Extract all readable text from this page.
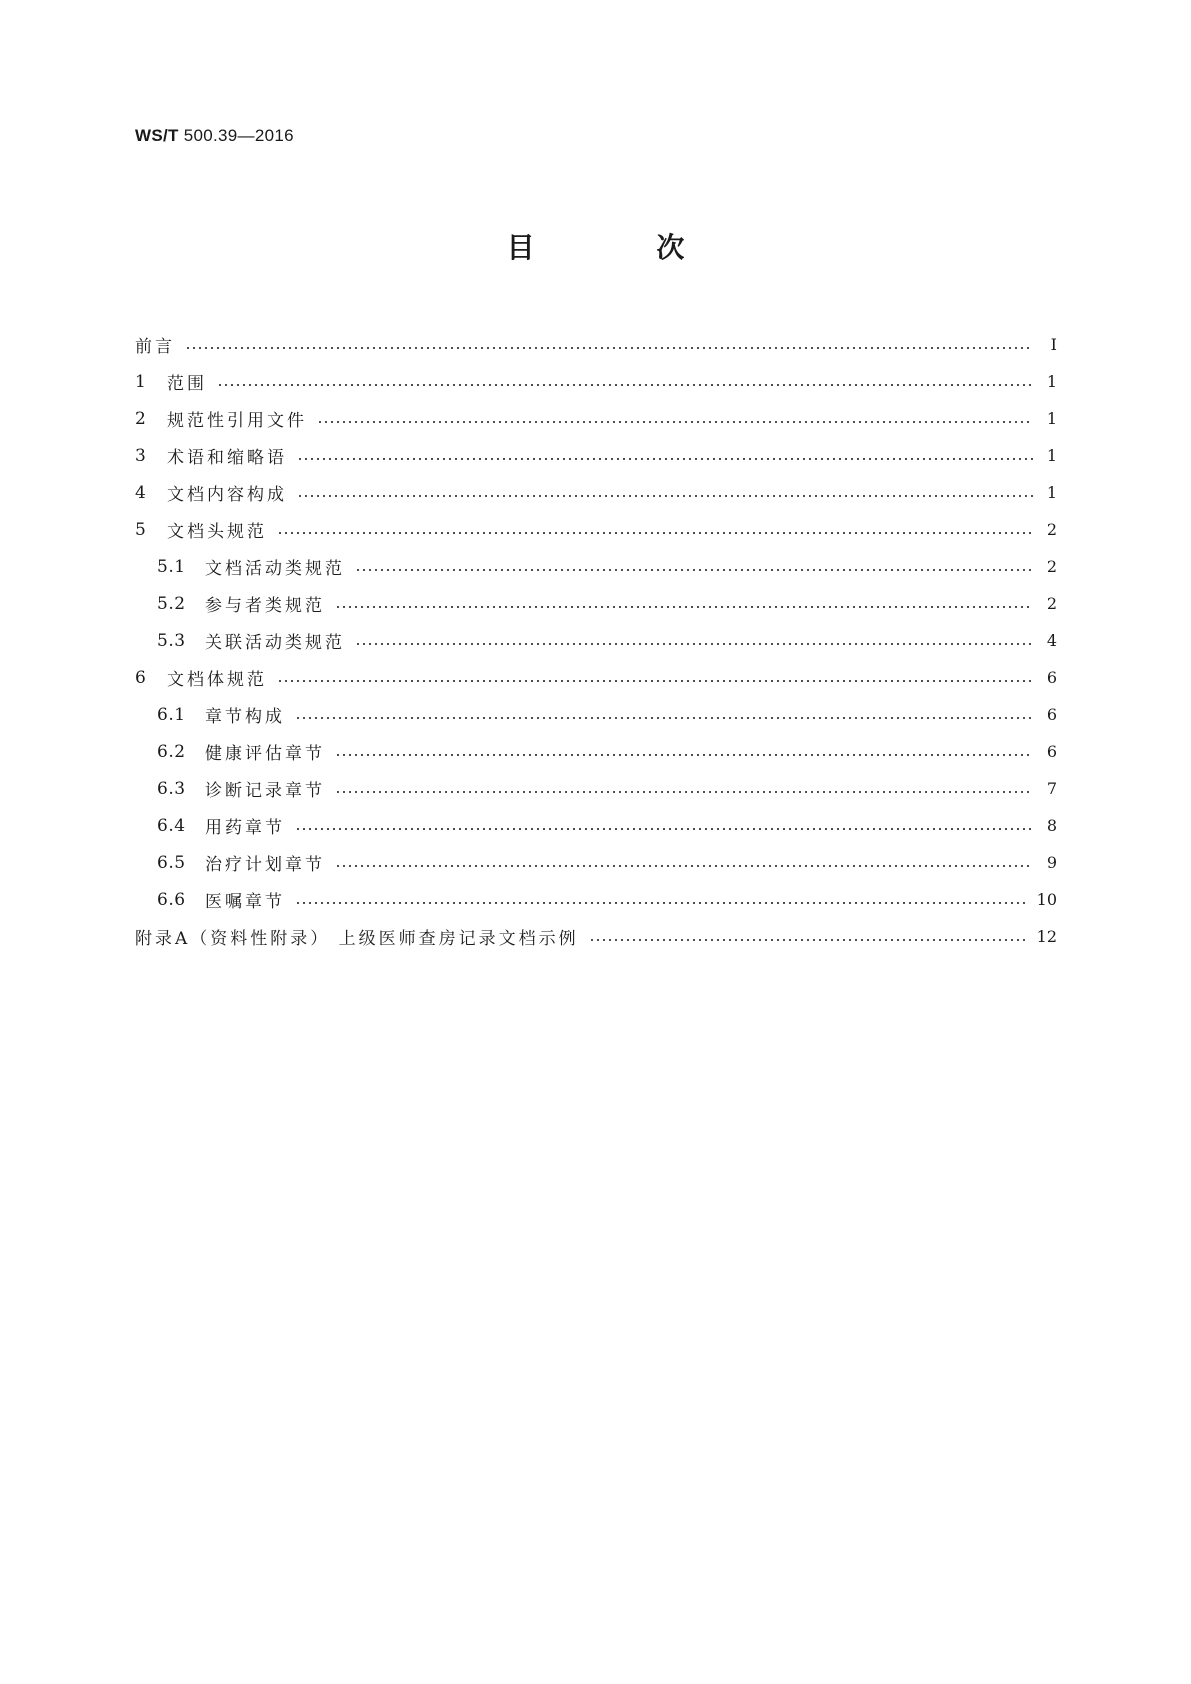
WS/T 500.39—2016
目 次
前言	Ⅰ
1	范围	1
2	规范性引用文件	1
3	术语和缩略语	1
4	文档内容构成	1
5	文档头规范	2
5.1	文档活动类规范	2
5.2	参与者类规范	2
5.3	关联活动类规范	4
6	文档体规范	6
6.1	章节构成	6
6.2	健康评估章节	6
6.3	诊断记录章节	7
6.4	用药章节	8
6.5	治疗计划章节	9
6.6	医嘱章节	10
附录A（资料性附录） 上级医师查房记录文档示例	12
